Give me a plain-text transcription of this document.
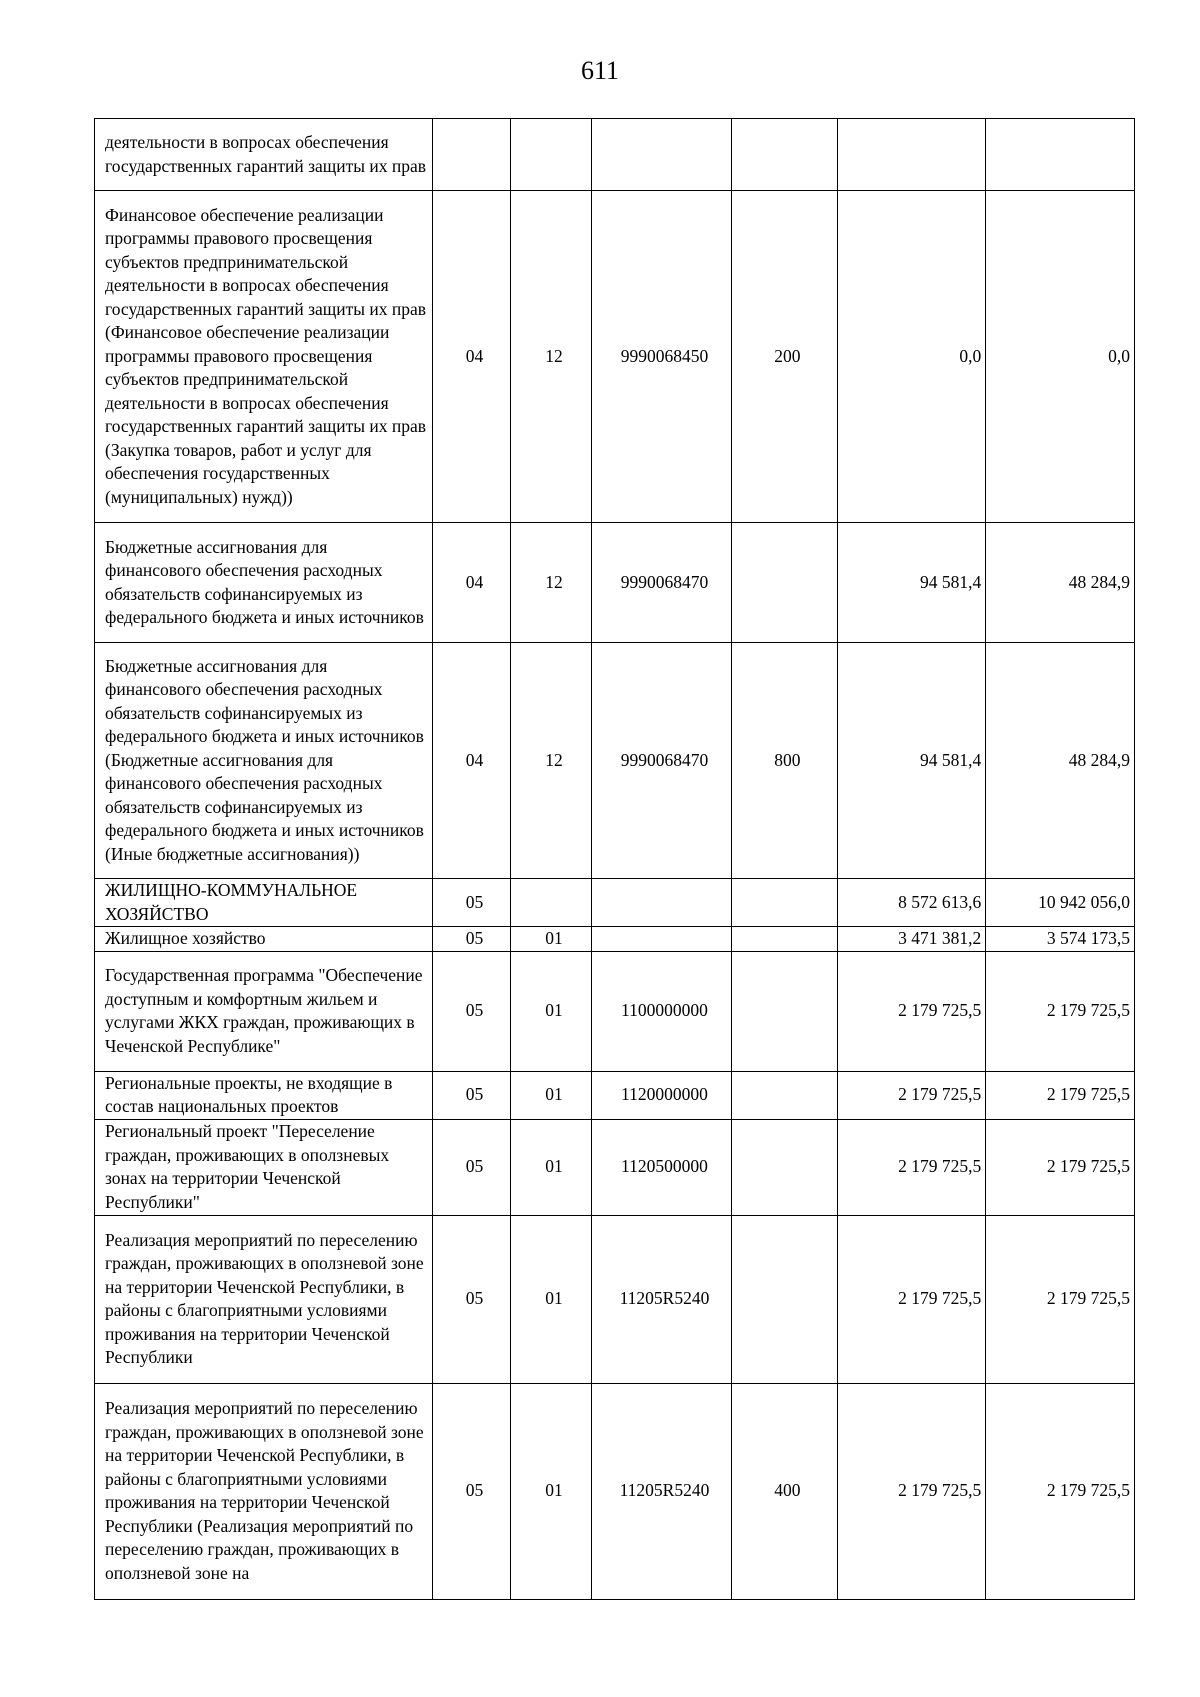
611
деятельности в вопросах обеспечения государственных гарантий защиты их прав						
Финансовое обеспечение реализации программы правового просвещения субъектов предпринимательской деятельности в вопросах обеспечения государственных гарантий защиты их прав (Финансовое обеспечение реализации программы правового просвещения субъектов предпринимательской деятельности в вопросах обеспечения государственных гарантий защиты их прав (Закупка товаров, работ и услуг для обеспечения государственных (муниципальных) нужд))	04	12	9990068450	200	0,0	0,0
Бюджетные ассигнования для финансового обеспечения расходных обязательств софинансируемых из федерального бюджета и иных источников	04	12	9990068470		94 581,4	48 284,9
Бюджетные ассигнования для финансового обеспечения расходных обязательств софинансируемых из федерального бюджета и иных источников (Бюджетные ассигнования для финансового обеспечения расходных обязательств софинансируемых из федерального бюджета и иных источников (Иные бюджетные ассигнования))	04	12	9990068470	800	94 581,4	48 284,9
ЖИЛИЩНО-КОММУНАЛЬНОЕ ХОЗЯЙСТВО	05				8 572 613,6	10 942 056,0
Жилищное хозяйство	05	01			3 471 381,2	3 574 173,5
Государственная программа "Обеспечение доступным и комфортным жильем и услугами ЖКХ граждан, проживающих в Чеченской Республике"	05	01	1100000000		2 179 725,5	2 179 725,5
Региональные проекты, не входящие в состав национальных проектов	05	01	1120000000		2 179 725,5	2 179 725,5
Региональный проект "Переселение граждан, проживающих в оползневых зонах на территории Чеченской Республики"	05	01	1120500000		2 179 725,5	2 179 725,5
Реализация мероприятий по переселению граждан, проживающих в оползневой зоне на территории Чеченской Республики, в районы с благоприятными условиями проживания на территории Чеченской Республики	05	01	11205R5240		2 179 725,5	2 179 725,5
Реализация мероприятий по переселению граждан, проживающих в оползневой зоне на территории Чеченской Республики, в районы с благоприятными условиями проживания на территории Чеченской Республики (Реализация мероприятий по переселению граждан, проживающих в оползневой зоне на	05	01	11205R5240	400	2 179 725,5	2 179 725,5
